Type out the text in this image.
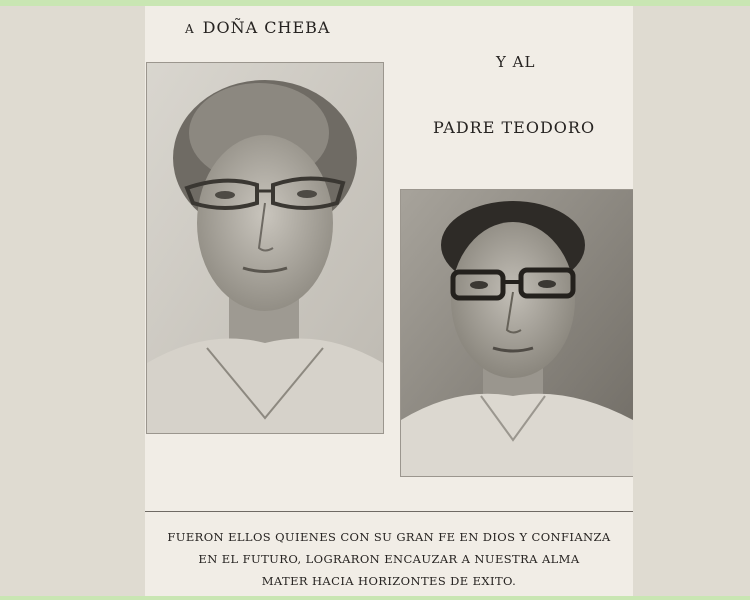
A DOÑA CHEBA
Y AL
PADRE TEODORO
FUERON ELLOS QUIENES CON SU GRAN FE EN DIOS Y CONFIANZA
EN EL FUTURO, LOGRARON ENCAUZAR A NUESTRA ALMA
MATER HACIA HORIZONTES DE EXITO.
